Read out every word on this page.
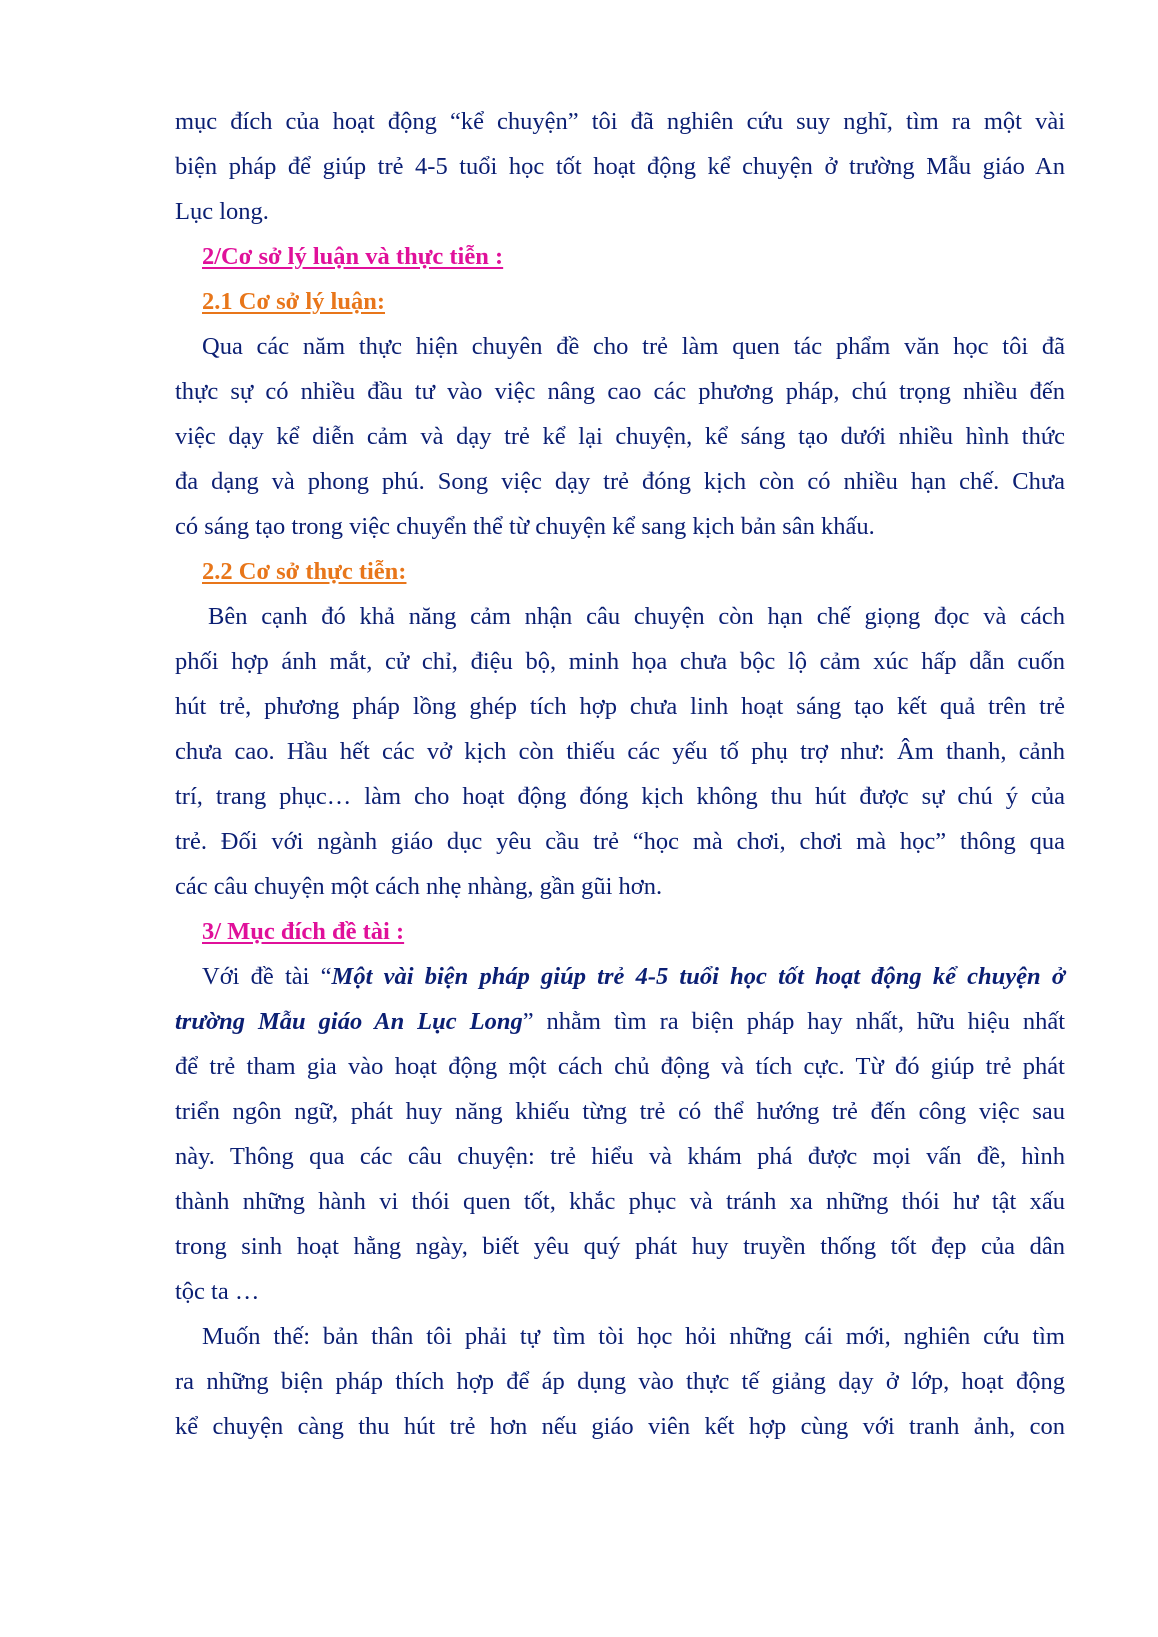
mục đích của hoạt động “kể chuyện” tôi đã nghiên cứu suy nghĩ, tìm ra một vài
biện pháp để giúp trẻ 4-5 tuổi học tốt hoạt động kể chuyện ở trường Mẫu giáo An
Lục long.
2/Cơ sở lý luận và thực tiễn :
2.1 Cơ sở lý luận:
Qua các năm thực hiện chuyên đề cho trẻ làm quen tác phẩm văn học tôi đã
thực sự có nhiều đầu tư vào việc nâng cao các phương pháp, chú trọng nhiều đến
việc dạy kể diễn cảm và dạy trẻ kể lại chuyện, kể sáng tạo dưới nhiều hình thức
đa dạng và phong phú. Song việc dạy trẻ đóng kịch còn có nhiều hạn chế. Chưa
có sáng tạo trong việc chuyển thể từ chuyện kể sang kịch bản sân khấu.
2.2 Cơ sở thực tiễn:
Bên cạnh đó khả năng cảm nhận câu chuyện còn hạn chế giọng đọc và cách
phối hợp ánh mắt, cử chỉ, điệu bộ, minh họa chưa bộc lộ cảm xúc hấp dẫn cuốn
hút trẻ, phương pháp lồng ghép tích hợp chưa linh hoạt sáng tạo kết quả trên trẻ
chưa cao. Hầu hết các vở kịch còn thiếu các yếu tố phụ trợ như: Âm thanh, cảnh
trí, trang phục… làm cho hoạt động đóng kịch không thu hút được sự chú ý của
trẻ. Đối với ngành giáo dục yêu cầu trẻ “học mà chơi, chơi mà học” thông qua
các câu chuyện một cách nhẹ nhàng, gần gũi hơn.
3/ Mục đích đề tài :
Với đề tài “Một vài biện pháp giúp trẻ 4-5 tuổi học tốt hoạt động kể chuyện ở
trường Mẫu giáo An Lục Long” nhằm tìm ra biện pháp hay nhất, hữu hiệu nhất
để trẻ tham gia vào hoạt động một cách chủ động và tích cực. Từ đó giúp trẻ phát
triển ngôn ngữ, phát huy năng khiếu từng trẻ có thể hướng trẻ đến công việc sau
này. Thông qua các câu chuyện: trẻ hiểu và khám phá được mọi vấn đề, hình
thành những hành vi thói quen tốt, khắc phục và tránh xa những thói hư tật xấu
trong sinh hoạt hằng ngày, biết yêu quý phát huy truyền thống tốt đẹp của dân
tộc ta …
Muốn thế: bản thân tôi phải tự tìm tòi học hỏi những cái mới, nghiên cứu tìm
ra những biện pháp thích hợp để áp dụng vào thực tế giảng dạy ở lớp, hoạt động
kể chuyện càng thu hút trẻ hơn nếu giáo viên kết hợp cùng với tranh ảnh, con
